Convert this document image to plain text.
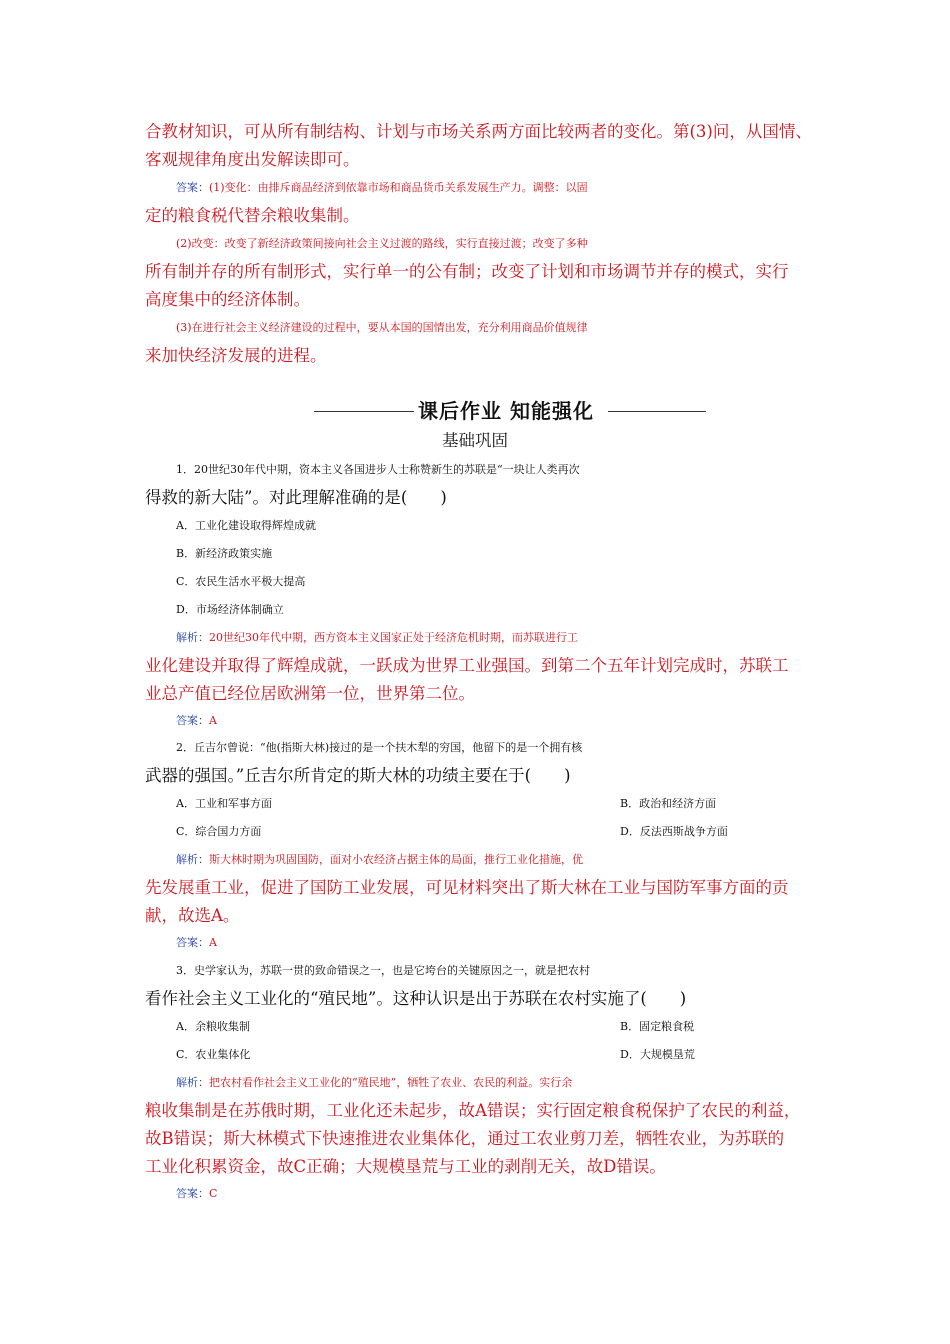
合教材知识，可从所有制结构、计划与市场关系两方面比较两者的变化。第(3)问，从国情、
客观规律角度出发解读即可。
答案：(1)变化：由排斥商品经济到依靠市场和商品货币关系发展生产力。调整：以固
定的粮食税代替余粮收集制。
(2)改变：改变了新经济政策间接向社会主义过渡的路线，实行直接过渡；改变了多种
所有制并存的所有制形式，实行单一的公有制；改变了计划和市场调节并存的模式，实行
高度集中的经济体制。
(3)在进行社会主义经济建设的过程中，要从本国的国情出发，充分利用商品价值规律
来加快经济发展的进程。
课后作业 知能强化
基础巩固
1．20世纪30年代中期，资本主义各国进步人士称赞新生的苏联是“一块让人类再次
得救的新大陆”。对此理解准确的是(　　)
A．工业化建设取得辉煌成就
B．新经济政策实施
C．农民生活水平极大提高
D．市场经济体制确立
解析：20世纪30年代中期，西方资本主义国家正处于经济危机时期，而苏联进行工
业化建设并取得了辉煌成就，一跃成为世界工业强国。到第二个五年计划完成时，苏联工
业总产值已经位居欧洲第一位，世界第二位。
答案：A
2．丘吉尔曾说：“他(指斯大林)接过的是一个扶木犁的穷国，他留下的是一个拥有核
武器的强国。”丘吉尔所肯定的斯大林的功绩主要在于(　　)
A．工业和军事方面	B．政治和经济方面
C．综合国力方面	D．反法西斯战争方面
解析：斯大林时期为巩固国防，面对小农经济占据主体的局面，推行工业化措施，优
先发展重工业，促进了国防工业发展，可见材料突出了斯大林在工业与国防军事方面的贡
献，故选A。
答案：A
3．史学家认为，苏联一贯的致命错误之一，也是它垮台的关键原因之一，就是把农村
看作社会主义工业化的“殖民地”。这种认识是出于苏联在农村实施了(　　)
A．余粮收集制	B．固定粮食税
C．农业集体化	D．大规模垦荒
解析：把农村看作社会主义工业化的“殖民地”，牺牲了农业、农民的利益。实行余
粮收集制是在苏俄时期，工业化还未起步，故A错误；实行固定粮食税保护了农民的利益，
故B错误；斯大林模式下快速推进农业集体化，通过工农业剪刀差，牺牲农业，为苏联的
工业化积累资金，故C正确；大规模垦荒与工业的剥削无关，故D错误。
答案：C
